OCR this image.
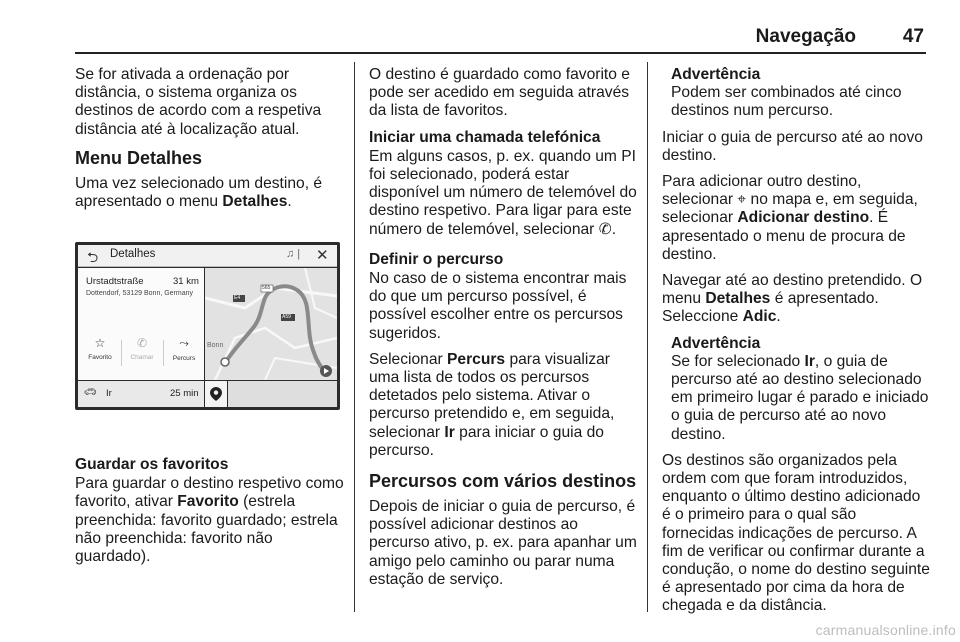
Navegação 47

Se for ativada a ordenação por distância, o sistema organiza os destinos de acordo com a respetiva distância até à localização atual.

Menu Detalhes

Uma vez selecionado um destino, é apresentado o menu Detalhes.

⮌ Detalhes	♫ | ✕
Urstadtstraße	31 km
Dottendorf, 53129 Bonn, Germany
☆
Favorito
✆
Chamar
⤳
Percurs
🚗︎ Ir	25 min
E4
565
A59
Bonn
Guardar os favoritos

Para guardar o destino respetivo como favorito, ativar Favorito (estrela preenchida: favorito guardado; estrela não preenchida: favorito não guardado).

O destino é guardado como favorito e pode ser acedido em seguida através da lista de favoritos.

Iniciar uma chamada telefónica

Em alguns casos, p. ex. quando um PI foi selecionado, poderá estar disponível um número de telemóvel do destino respetivo. Para ligar para este número de telemóvel, selecionar ✆.

Definir o percurso

No caso de o sistema encontrar mais do que um percurso possível, é possível escolher entre os percursos sugeridos.

Selecionar Percurs para visualizar uma lista de todos os percursos detetados pelo sistema. Ativar o percurso pretendido e, em seguida, selecionar Ir para iniciar o guia do percurso.

Percursos com vários destinos

Depois de iniciar o guia de percurso, é possível adicionar destinos ao percurso ativo, p. ex. para apanhar um amigo pelo caminho ou parar numa estação de serviço.

Advertência

Podem ser combinados até cinco destinos num percurso.

Iniciar o guia de percurso até ao novo destino.

Para adicionar outro destino, selecionar ⌖ no mapa e, em seguida, selecionar Adicionar destino. É apresentado o menu de procura de destino.

Navegar até ao destino pretendido. O menu Detalhes é apresentado. Seleccione Adic.

Advertência

Se for selecionado Ir, o guia de percurso até ao destino selecionado em primeiro lugar é parado e iniciado o guia de percurso até ao novo destino.

Os destinos são organizados pela ordem com que foram introduzidos, enquanto o último destino adicionado é o primeiro para o qual são fornecidas indicações de percurso. A fim de verificar ou confirmar durante a condução, o nome do destino seguinte é apresentado por cima da hora de chegada e da distância.

carmanualsonline.info
